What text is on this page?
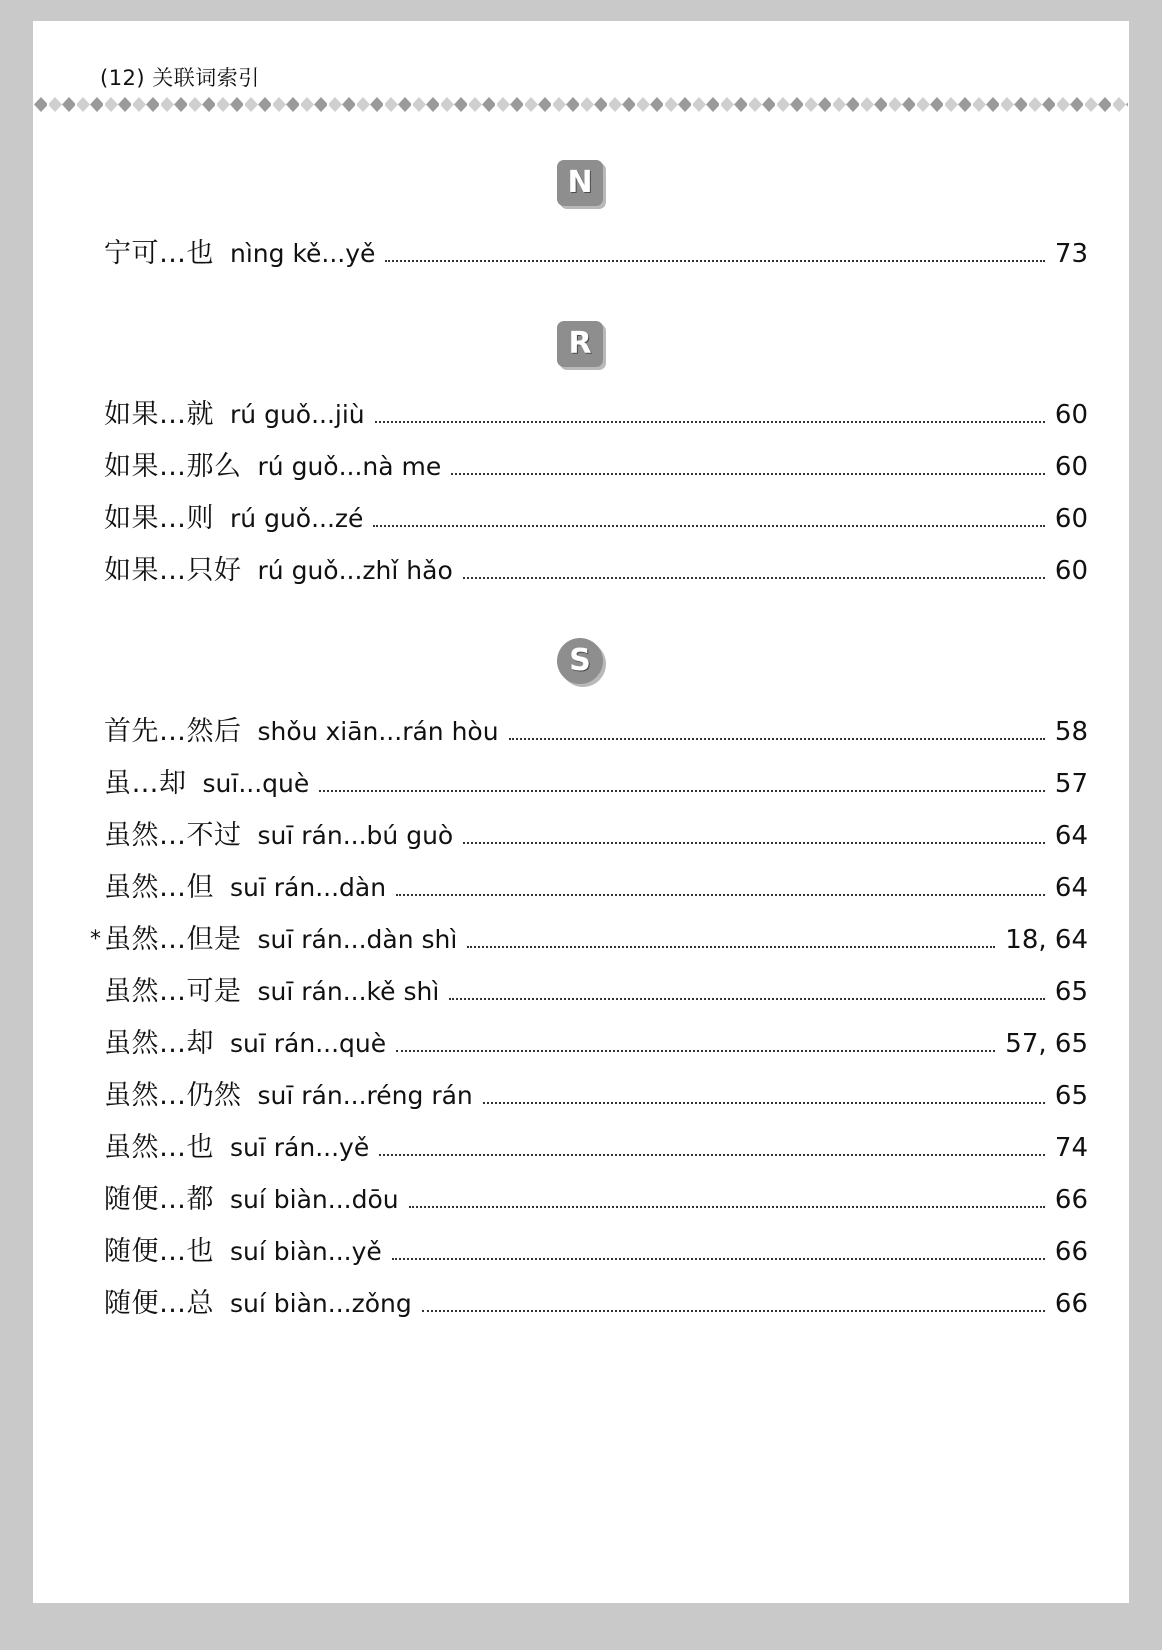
(12) 关联词索引
N
宁可…也 nìng kě...yě	73
R
如果…就 rú guǒ...jiù	60
如果…那么 rú guǒ...nà me	60
如果…则 rú guǒ...zé	60
如果…只好 rú guǒ...zhǐ hǎo	60
S
首先…然后 shǒu xiān...rán hòu	58
虽…却 suī...què	57
虽然…不过 suī rán...bú guò	64
虽然…但 suī rán...dàn	64
* 虽然…但是 suī rán...dàn shì	18, 64
虽然…可是 suī rán...kě shì	65
虽然…却 suī rán...què	57, 65
虽然…仍然 suī rán...réng rán	65
虽然…也 suī rán...yě	74
随便…都 suí biàn...dōu	66
随便…也 suí biàn...yě	66
随便…总 suí biàn...zǒng	66
